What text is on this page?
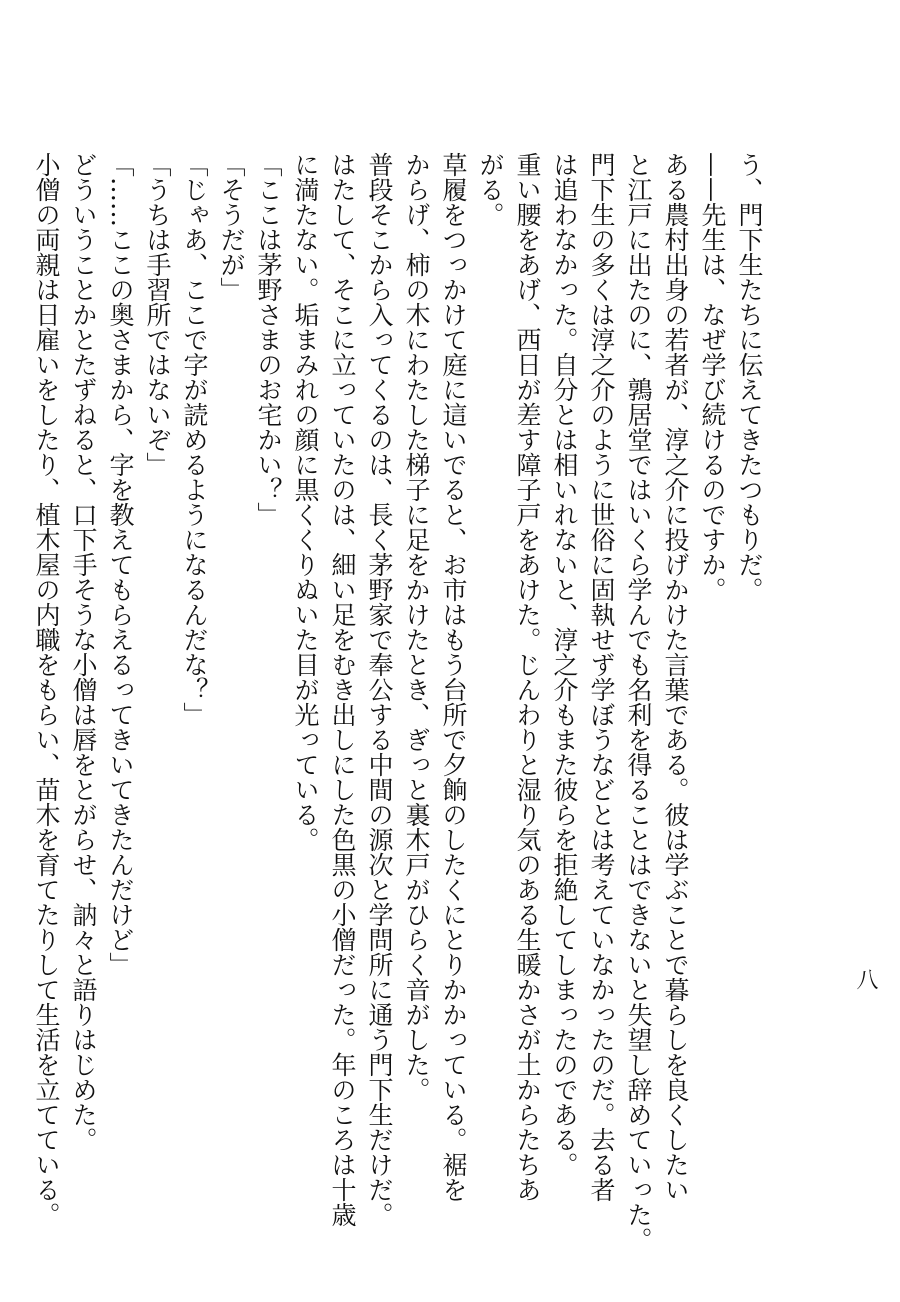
八
う、門下生たちに伝えてきたつもりだ。
——先生は、なぜ学び続けるのですか。
ある農村出身の若者が、淳之介に投げかけた言葉である。彼は学ぶことで暮らしを良くしたい
と江戸に出たのに、鶉居堂ではいくら学んでも名利を得ることはできないと失望し辞めていった。
門下生の多くは淳之介のように世俗に固執せず学ぼうなどとは考えていなかったのだ。去る者
は追わなかった。自分とは相いれないと、淳之介もまた彼らを拒絶してしまったのである。
重い腰をあげ、西日が差す障子戸をあけた。じんわりと湿り気のある生暖かさが土からたちあ
がる。
草履をつっかけて庭に這いでると、お市はもう台所で夕餉のしたくにとりかかっている。裾を
からげ、柿の木にわたした梯子に足をかけたとき、ぎっと裏木戸がひらく音がした。
普段そこから入ってくるのは、長く茅野家で奉公する中間の源次と学問所に通う門下生だけだ。
はたして、そこに立っていたのは、細い足をむき出しにした色黒の小僧だった。年のころは十歳
に満たない。垢まみれの顔に黒くくりぬいた目が光っている。
「ここは茅野さまのお宅かい？」
「そうだが」
「じゃあ、ここで字が読めるようになるんだな？」
「うちは手習所ではないぞ」
「……ここの奥さまから、字を教えてもらえるってきいてきたんだけど」
どういうことかとたずねると、口下手そうな小僧は唇をとがらせ、訥々と語りはじめた。
小僧の両親は日雇いをしたり、植木屋の内職をもらい、苗木を育てたりして生活を立てている。
